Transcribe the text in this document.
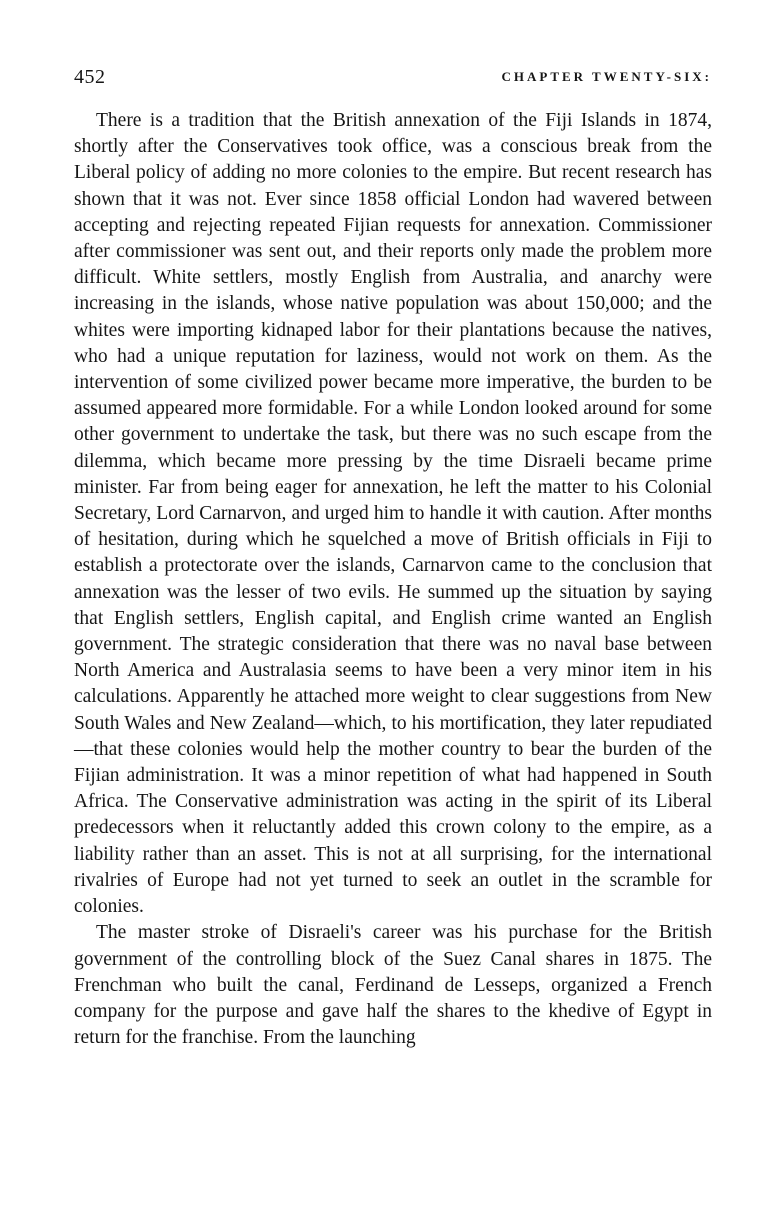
452	CHAPTER TWENTY-SIX:

There is a tradition that the British annexation of the Fiji Islands in 1874, shortly after the Conservatives took office, was a conscious break from the Liberal policy of adding no more colonies to the empire. But recent research has shown that it was not. Ever since 1858 official London had wavered between accepting and rejecting repeated Fijian requests for annexation. Commissioner after commissioner was sent out, and their reports only made the problem more difficult. White settlers, mostly English from Australia, and anarchy were increasing in the islands, whose native population was about 150,000; and the whites were importing kidnaped labor for their plantations because the natives, who had a unique reputation for laziness, would not work on them. As the intervention of some civilized power became more imperative, the burden to be assumed appeared more formidable. For a while London looked around for some other government to undertake the task, but there was no such escape from the dilemma, which became more pressing by the time Disraeli became prime minister. Far from being eager for annexation, he left the matter to his Colonial Secretary, Lord Carnarvon, and urged him to handle it with caution. After months of hesitation, during which he squelched a move of British officials in Fiji to establish a protectorate over the islands, Carnarvon came to the conclusion that annexation was the lesser of two evils. He summed up the situation by saying that English settlers, English capital, and English crime wanted an English government. The strategic consideration that there was no naval base between North America and Australasia seems to have been a very minor item in his calculations. Apparently he attached more weight to clear suggestions from New South Wales and New Zealand—which, to his mortification, they later repudiated—that these colonies would help the mother country to bear the burden of the Fijian administration. It was a minor repetition of what had happened in South Africa. The Conservative administration was acting in the spirit of its Liberal predecessors when it reluctantly added this crown colony to the empire, as a liability rather than an asset. This is not at all surprising, for the international rivalries of Europe had not yet turned to seek an outlet in the scramble for colonies.

The master stroke of Disraeli's career was his purchase for the British government of the controlling block of the Suez Canal shares in 1875. The Frenchman who built the canal, Ferdinand de Lesseps, organized a French company for the purpose and gave half the shares to the khedive of Egypt in return for the franchise. From the launching
